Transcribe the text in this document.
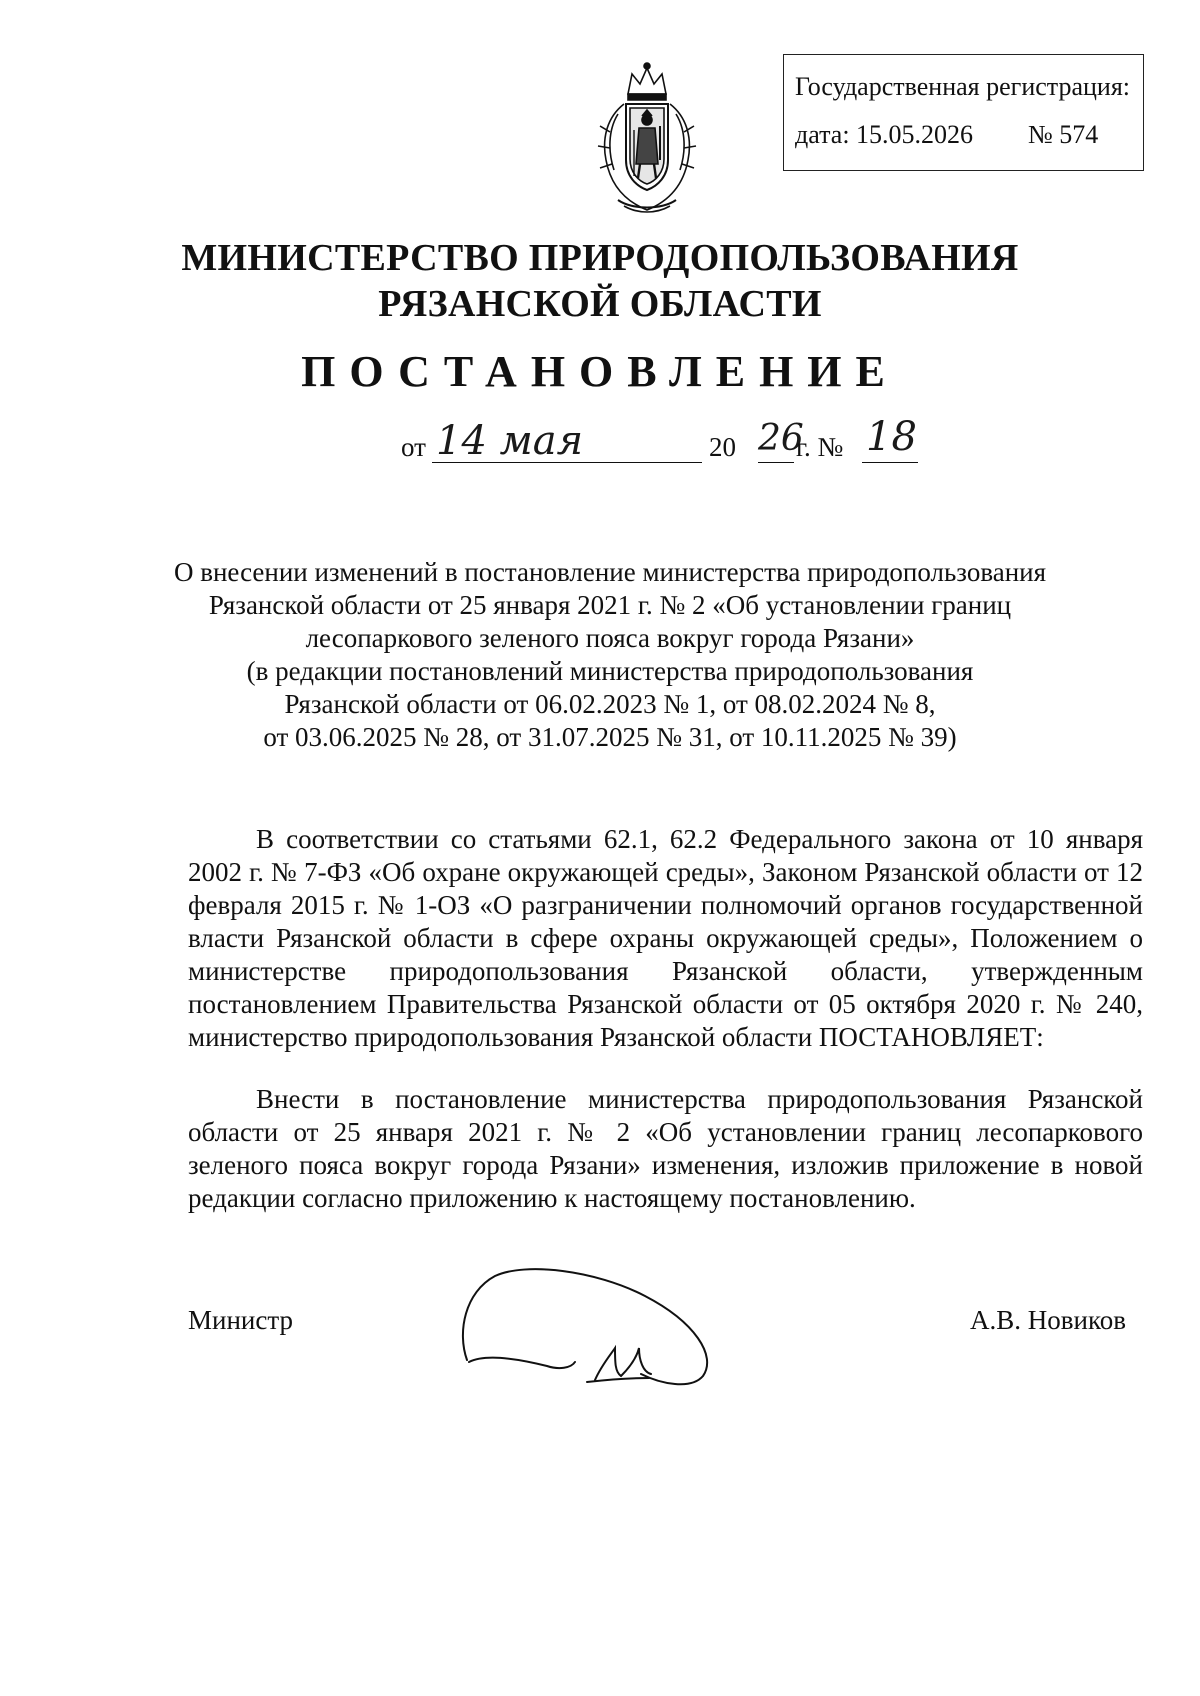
Государственная регистрация:
дата: 15.05.2026 № 574
МИНИСТЕРСТВО ПРИРОДОПОЛЬЗОВАНИЯ
РЯЗАНСКОЙ ОБЛАСТИ
ПОСТАНОВЛЕНИЕ
от 14 мая	20 26
г. № 18
О внесении изменений в постановление министерства природопользования
Рязанской области от 25 января 2021 г. № 2 «Об установлении границ
лесопаркового зеленого пояса вокруг города Рязани»
(в редакции постановлений министерства природопользования
Рязанской области от 06.02.2023 № 1, от 08.02.2024 № 8,
от 03.06.2025 № 28, от 31.07.2025 № 31, от 10.11.2025 № 39)
В соответствии со статьями 62.1, 62.2 Федерального закона от 10 января 2002 г. № 7-ФЗ «Об охране окружающей среды», Законом Рязанской области от 12 февраля 2015 г. № 1-ОЗ «О разграничении полномочий органов государственной власти Рязанской области в сфере охраны окружающей среды», Положением о министерстве природопользования Рязанской области, утвержденным постановлением Правительства Рязанской области от 05 октября 2020 г. № 240, министерство природопользования Рязанской области ПОСТАНОВЛЯЕТ:
Внести в постановление министерства природопользования Рязанской области от 25 января 2021 г. № 2 «Об установлении границ лесопаркового зеленого пояса вокруг города Рязани» изменения, изложив приложение в новой редакции согласно приложению к настоящему постановлению.
Министр	А.В. Новиков
